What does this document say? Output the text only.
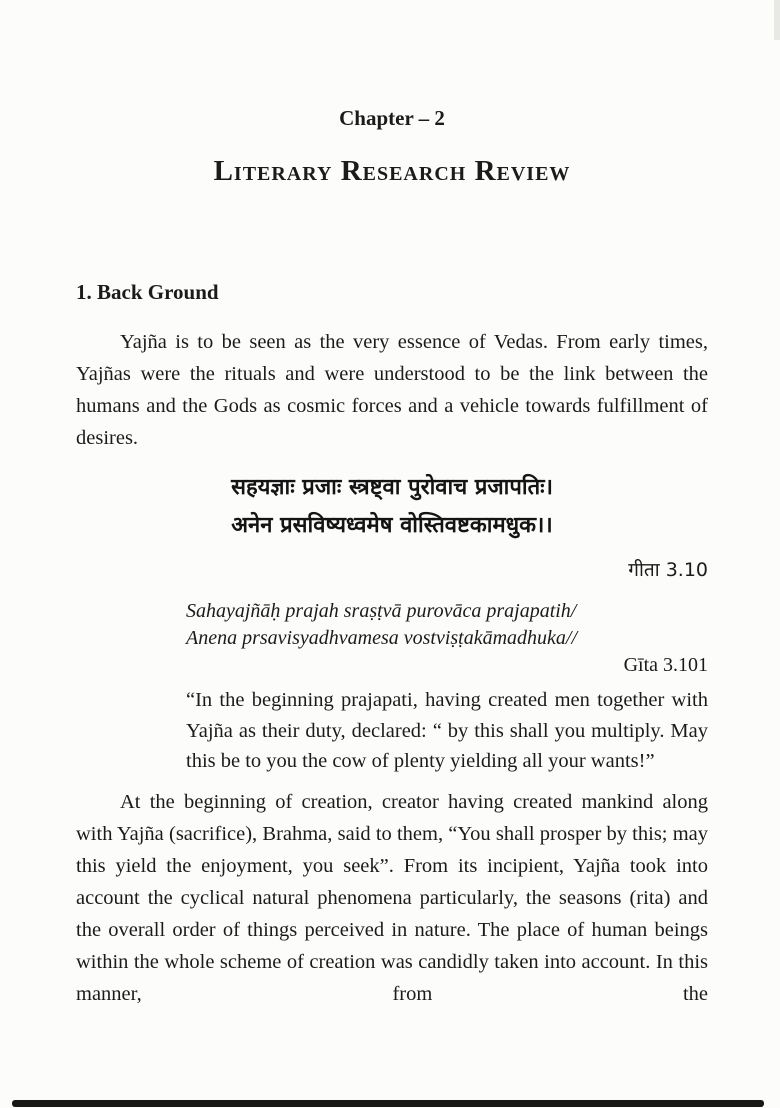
Chapter – 2
Literary Research Review
1. Back Ground

Yajña is to be seen as the very essence of Vedas. From early times, Yajñas were the rituals and were understood to be the link between the humans and the Gods as cosmic forces and a vehicle towards fulfillment of desires.

सहयज्ञाः प्रजाः स्त्रष्ट्वा पुरोवाच प्रजापतिः।
अनेन प्रसविष्यध्वमेष वोस्तिवष्टकामधुक।।
गीता 3.10
Sahayajñāḥ prajah sraṣṭvā purovāca prajapatih/
Anena prsavisyadhvamesa vostviṣṭakāmadhuka//
Gīta 3.101

“In the beginning prajapati, having created men together with Yajña as their duty, declared: “ by this shall you multiply. May this be to you the cow of plenty yielding all your wants!”

At the beginning of creation, creator having created mankind along with Yajña (sacrifice), Brahma, said to them, “You shall prosper by this; may this yield the enjoyment, you seek”. From its incipient, Yajña took into account the cyclical natural phenomena particularly, the seasons (rita) and the overall order of things perceived in nature. The place of human beings within the whole scheme of creation was candidly taken into account. In this manner, from the
